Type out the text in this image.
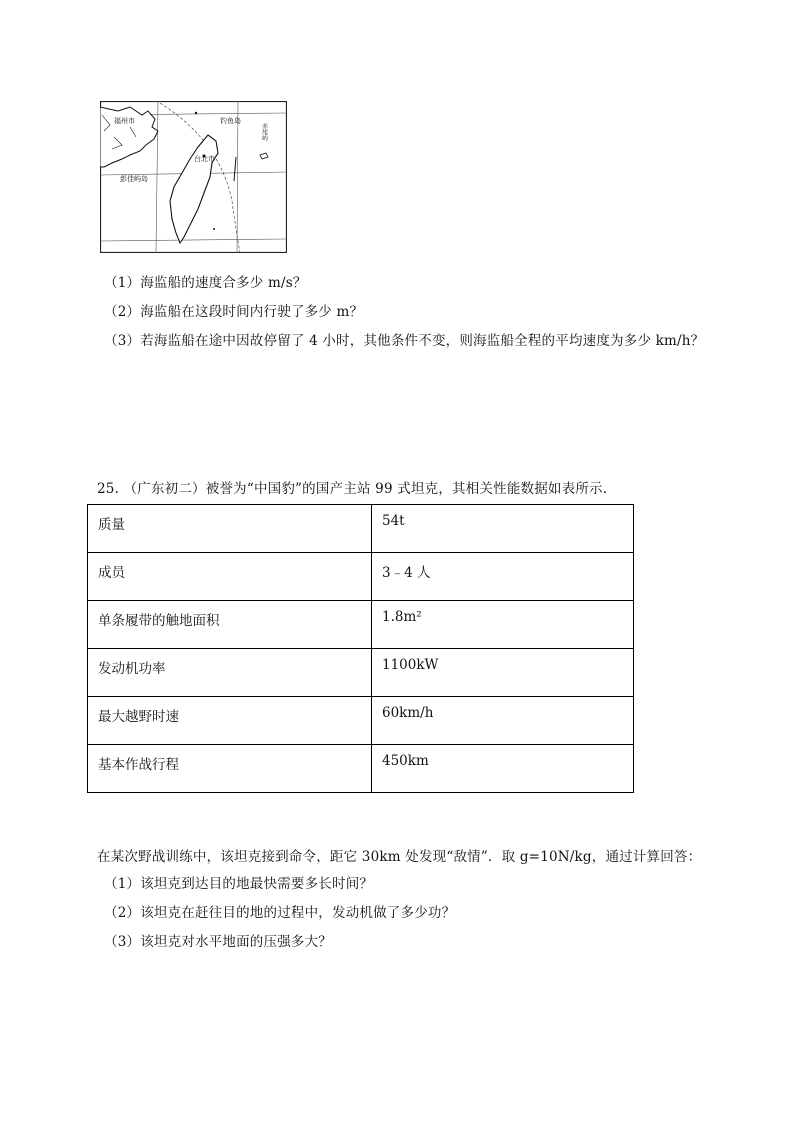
福州市	钓鱼岛
赤尾屿
台北市
彭佳屿岛
（1）海监船的速度合多少 m/s？
（2）海监船在这段时间内行驶了多少 m？
（3）若海监船在途中因故停留了 4 小时，其他条件不变，则海监船全程的平均速度为多少 km/h？
25. （广东初二）被誉为“中国豹”的国产主站 99 式坦克，其相关性能数据如表所示.
质量	54t
成员	3﹣4 人
单条履带的触地面积	1.8m²
发动机功率	1100kW
最大越野时速	60km/h
基本作战行程	450km
在某次野战训练中，该坦克接到命令，距它 30km 处发现“敌情”．取 g=10N/kg，通过计算回答：
（1）该坦克到达目的地最快需要多长时间？
（2）该坦克在赶往目的地的过程中，发动机做了多少功？
（3）该坦克对水平地面的压强多大？
